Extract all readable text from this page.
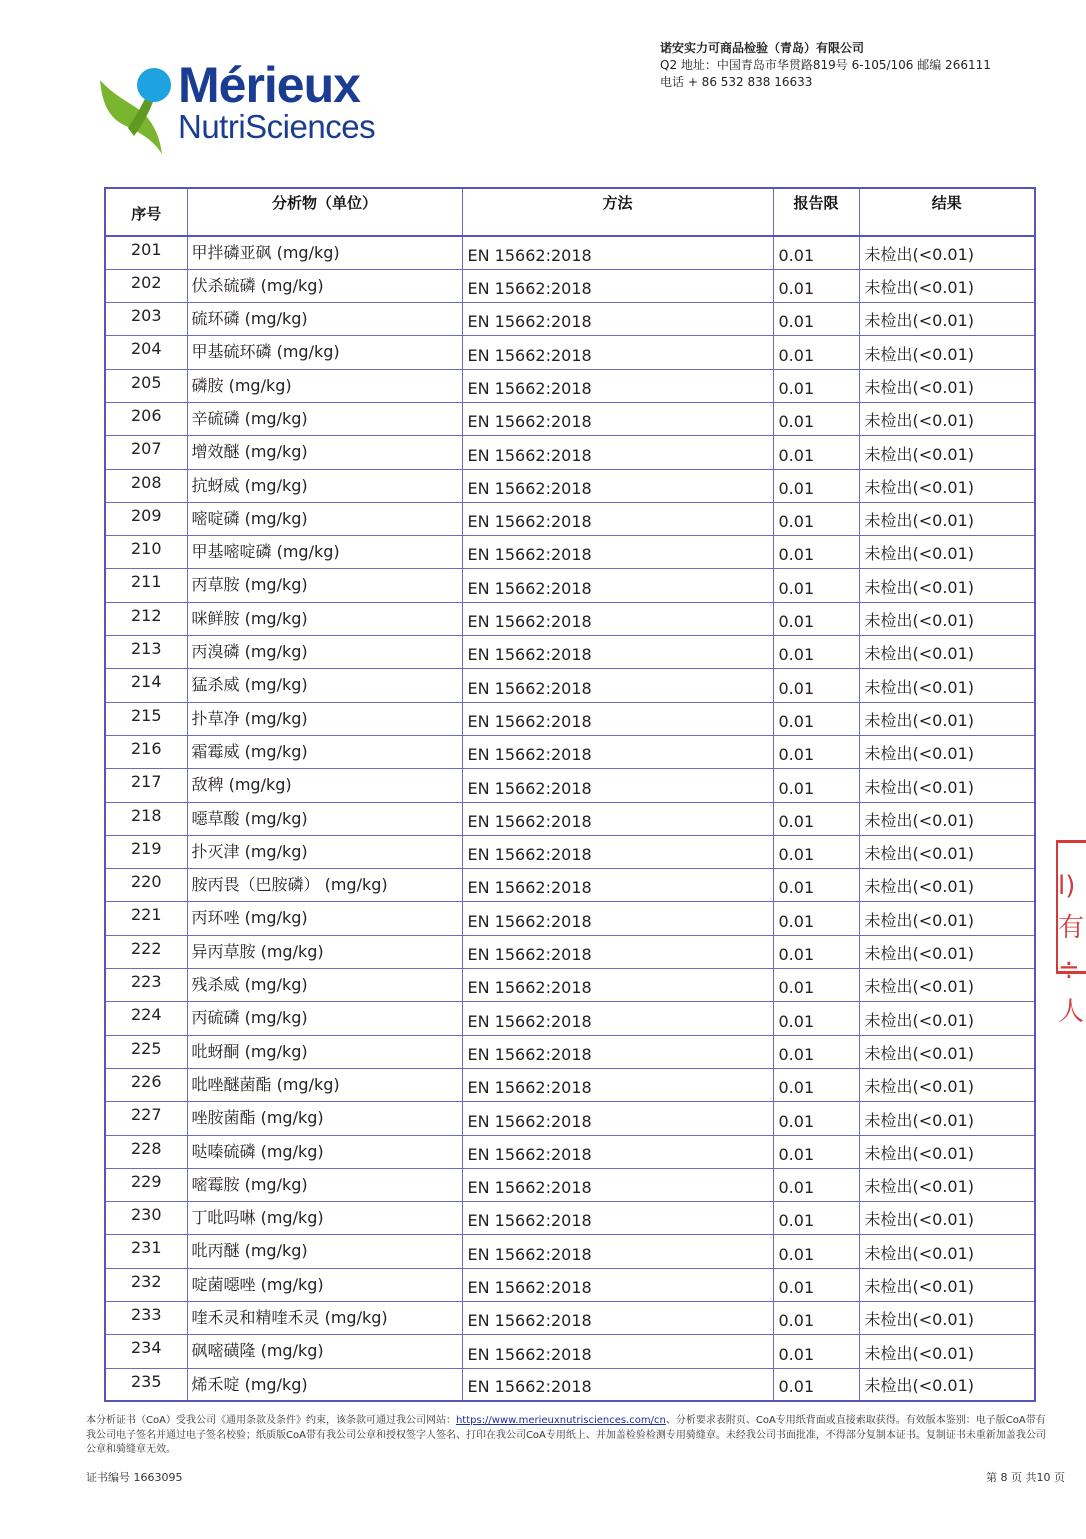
Mérieux
NutriSciences
诺安实力可商品检验（青岛）有限公司
Q2 地址：中国青岛市华贯路819号 6-105/106 邮编 266111
电话 + 86 532 838 16633
序号	分析物（单位）	方法	报告限	结果
201	甲拌磷亚砜 (mg/kg)	EN 15662:2018	0.01	未检出(<0.01)
202	伏杀硫磷 (mg/kg)	EN 15662:2018	0.01	未检出(<0.01)
203	硫环磷 (mg/kg)	EN 15662:2018	0.01	未检出(<0.01)
204	甲基硫环磷 (mg/kg)	EN 15662:2018	0.01	未检出(<0.01)
205	磷胺 (mg/kg)	EN 15662:2018	0.01	未检出(<0.01)
206	辛硫磷 (mg/kg)	EN 15662:2018	0.01	未检出(<0.01)
207	增效醚 (mg/kg)	EN 15662:2018	0.01	未检出(<0.01)
208	抗蚜威 (mg/kg)	EN 15662:2018	0.01	未检出(<0.01)
209	嘧啶磷 (mg/kg)	EN 15662:2018	0.01	未检出(<0.01)
210	甲基嘧啶磷 (mg/kg)	EN 15662:2018	0.01	未检出(<0.01)
211	丙草胺 (mg/kg)	EN 15662:2018	0.01	未检出(<0.01)
212	咪鲜胺 (mg/kg)	EN 15662:2018	0.01	未检出(<0.01)
213	丙溴磷 (mg/kg)	EN 15662:2018	0.01	未检出(<0.01)
214	猛杀威 (mg/kg)	EN 15662:2018	0.01	未检出(<0.01)
215	扑草净 (mg/kg)	EN 15662:2018	0.01	未检出(<0.01)
216	霜霉威 (mg/kg)	EN 15662:2018	0.01	未检出(<0.01)
217	敌稗 (mg/kg)	EN 15662:2018	0.01	未检出(<0.01)
218	噁草酸 (mg/kg)	EN 15662:2018	0.01	未检出(<0.01)
219	扑灭津 (mg/kg)	EN 15662:2018	0.01	未检出(<0.01)
220	胺丙畏（巴胺磷） (mg/kg)	EN 15662:2018	0.01	未检出(<0.01)
221	丙环唑 (mg/kg)	EN 15662:2018	0.01	未检出(<0.01)
222	异丙草胺 (mg/kg)	EN 15662:2018	0.01	未检出(<0.01)
223	残杀威 (mg/kg)	EN 15662:2018	0.01	未检出(<0.01)
224	丙硫磷 (mg/kg)	EN 15662:2018	0.01	未检出(<0.01)
225	吡蚜酮 (mg/kg)	EN 15662:2018	0.01	未检出(<0.01)
226	吡唑醚菌酯 (mg/kg)	EN 15662:2018	0.01	未检出(<0.01)
227	唑胺菌酯 (mg/kg)	EN 15662:2018	0.01	未检出(<0.01)
228	哒嗪硫磷 (mg/kg)	EN 15662:2018	0.01	未检出(<0.01)
229	嘧霉胺 (mg/kg)	EN 15662:2018	0.01	未检出(<0.01)
230	丁吡吗啉 (mg/kg)	EN 15662:2018	0.01	未检出(<0.01)
231	吡丙醚 (mg/kg)	EN 15662:2018	0.01	未检出(<0.01)
232	啶菌噁唑 (mg/kg)	EN 15662:2018	0.01	未检出(<0.01)
233	喹禾灵和精喹禾灵 (mg/kg)	EN 15662:2018	0.01	未检出(<0.01)
234	砜嘧磺隆 (mg/kg)	EN 15662:2018	0.01	未检出(<0.01)
235	烯禾啶 (mg/kg)	EN 15662:2018	0.01	未检出(<0.01)
l)有
≑人
本分析证书（CoA）受我公司《通用条款及条件》约束，该条款可通过我公司网站：https://www.merieuxnutrisciences.com/cn、分析要求表附页、CoA专用纸背面或直接索取获得。有效版本鉴别：电子版CoA带有我公司电子签名并通过电子签名校验；纸质版CoA带有我公司公章和授权签字人签名、打印在我公司CoA专用纸上、并加盖检验检测专用骑缝章。未经我公司书面批准，不得部分复制本证书。复制证书未重新加盖我公司公章和骑缝章无效。
证书编号 1663095	第 8 页 共10 页
